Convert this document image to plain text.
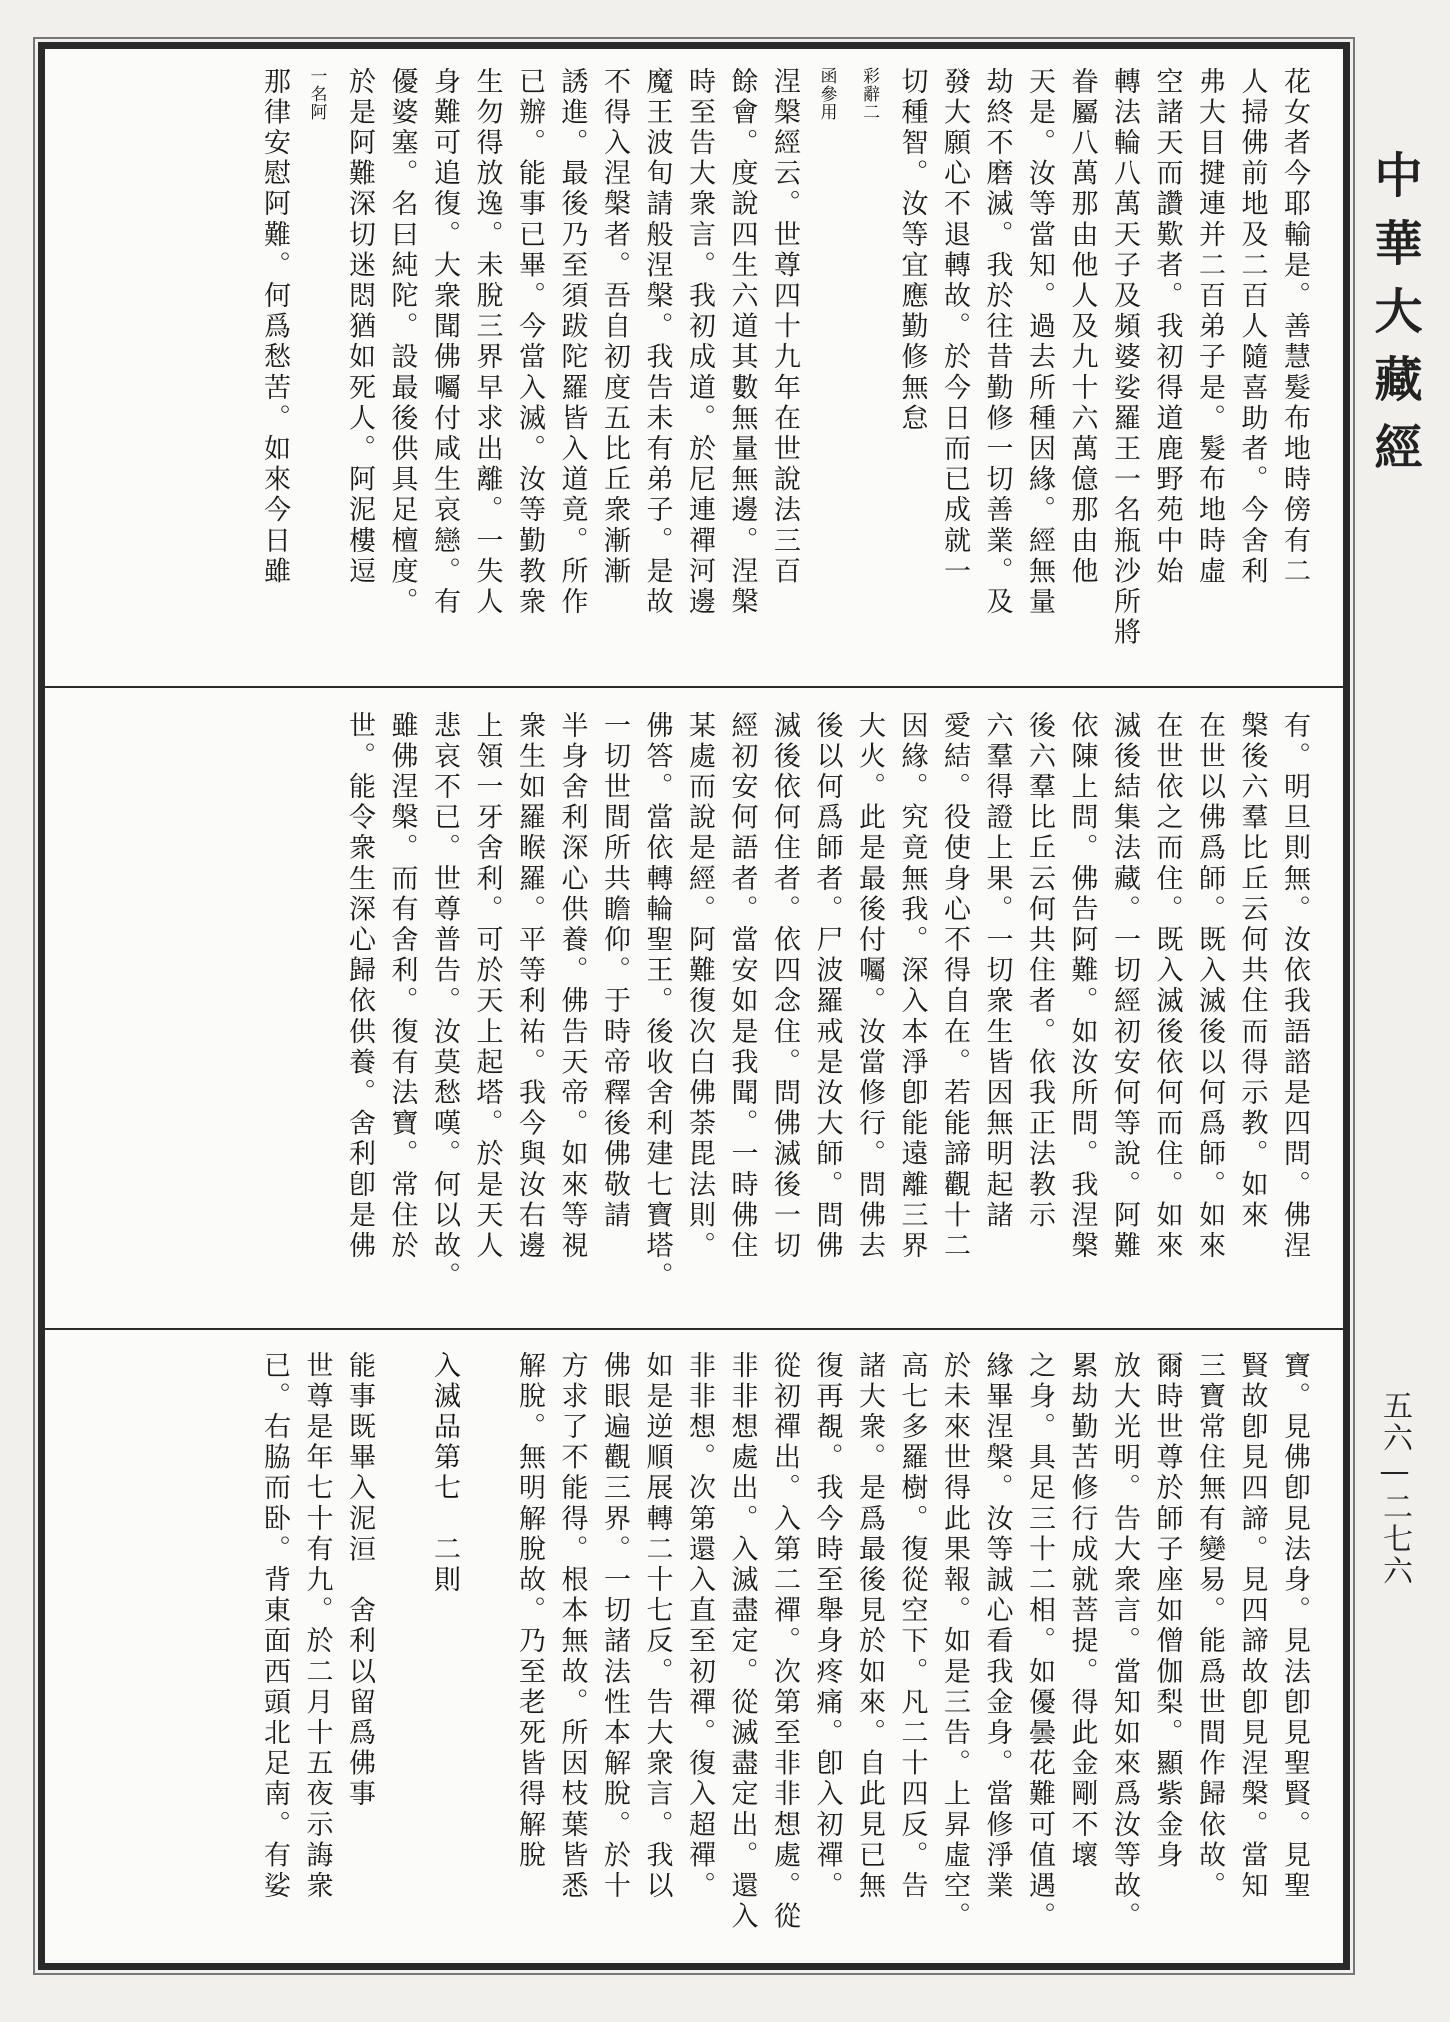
中華大藏經
花女者今耶輸是。善慧髮布地時傍有二
人掃佛前地及二百人隨喜助者。今舍利
弗大目揵連并二百弟子是。髮布地時虛
空諸天而讚歎者。我初得道鹿野苑中始
轉法輪八萬天子及頻婆娑羅王一名瓶沙所將
眷屬八萬那由他人及九十六萬億那由他
天是。汝等當知。過去所種因緣。經無量
劫終不磨滅。我於往昔勤修一切善業。及
發大願心不退轉故。於今日而已成就一
切種智。汝等宜應勤修無怠
彩辭二
函參用
涅槃經云。世尊四十九年在世說法三百
餘會。度說四生六道其數無量無邊。涅槃
時至告大衆言。我初成道。於尼連禪河邊
魔王波旬請般涅槃。我告未有弟子。是故
不得入涅槃者。吾自初度五比丘衆漸漸
誘進。最後乃至須跋陀羅皆入道竟。所作
已辦。能事已畢。今當入滅。汝等勤教衆
生勿得放逸。未脫三界早求出離。一失人
身難可追復。大衆聞佛囑付咸生哀戀。有
優婆塞。名曰純陀。設最後供具足檀度。
於是阿難深切迷悶猶如死人。阿泥樓逗
一名阿
那律安慰阿難。何爲愁苦。如來今日雖
有。明旦則無。汝依我語諮是四問。佛涅
槃後六羣比丘云何共住而得示教。如來
在世以佛爲師。既入滅後以何爲師。如來
在世依之而住。既入滅後依何而住。如來
滅後結集法藏。一切經初安何等說。阿難
依陳上問。佛告阿難。如汝所問。我涅槃
後六羣比丘云何共住者。依我正法教示
六羣得證上果。一切衆生皆因無明起諸
愛結。役使身心不得自在。若能諦觀十二
因緣。究竟無我。深入本淨卽能遠離三界
大火。此是最後付囑。汝當修行。問佛去
後以何爲師者。尸波羅戒是汝大師。問佛
滅後依何住者。依四念住。問佛滅後一切
經初安何語者。當安如是我聞。一時佛住
某處而說是經。阿難復次白佛荼毘法則。
佛答。當依轉輪聖王。後收舍利建七寶塔。
一切世間所共瞻仰。于時帝釋後佛敬請
半身舍利深心供養。佛告天帝。如來等視
衆生如羅睺羅。平等利祐。我今與汝右邊
上領一牙舍利。可於天上起塔。於是天人
悲哀不已。世尊普告。汝莫愁嘆。何以故。
雖佛涅槃。而有舍利。復有法寶。常住於
世。能令衆生深心歸依供養。舍利卽是佛
寶。見佛卽見法身。見法卽見聖賢。見聖
賢故卽見四諦。見四諦故卽見涅槃。當知
三寶常住無有變易。能爲世間作歸依故。
爾時世尊於師子座如僧伽梨。顯紫金身
放大光明。告大衆言。當知如來爲汝等故。
累劫勤苦修行成就菩提。得此金剛不壞
之身。具足三十二相。如優曇花難可值遇。
緣畢涅槃。汝等誠心看我金身。當修淨業
於未來世得此果報。如是三告。上昇虛空。
高七多羅樹。復從空下。凡二十四反。告
諸大衆。是爲最後見於如來。自此見已無
復再覩。我今時至舉身疼痛。卽入初禪。
從初禪出。入第二禪。次第至非非想處。從
非非想處出。入滅盡定。從滅盡定出。還入
非非想。次第還入直至初禪。復入超禪。
如是逆順展轉二十七反。告大衆言。我以
佛眼遍觀三界。一切諸法性本解脫。於十
方求了不能得。根本無故。所因枝葉皆悉
解脫。無明解脫故。乃至老死皆得解脫
入滅品第七　二則
能事既畢入泥洹　舍利以留爲佛事
世尊是年七十有九。於二月十五夜示誨衆
已。右脇而卧。背東面西頭北足南。有娑	五六—二七六
